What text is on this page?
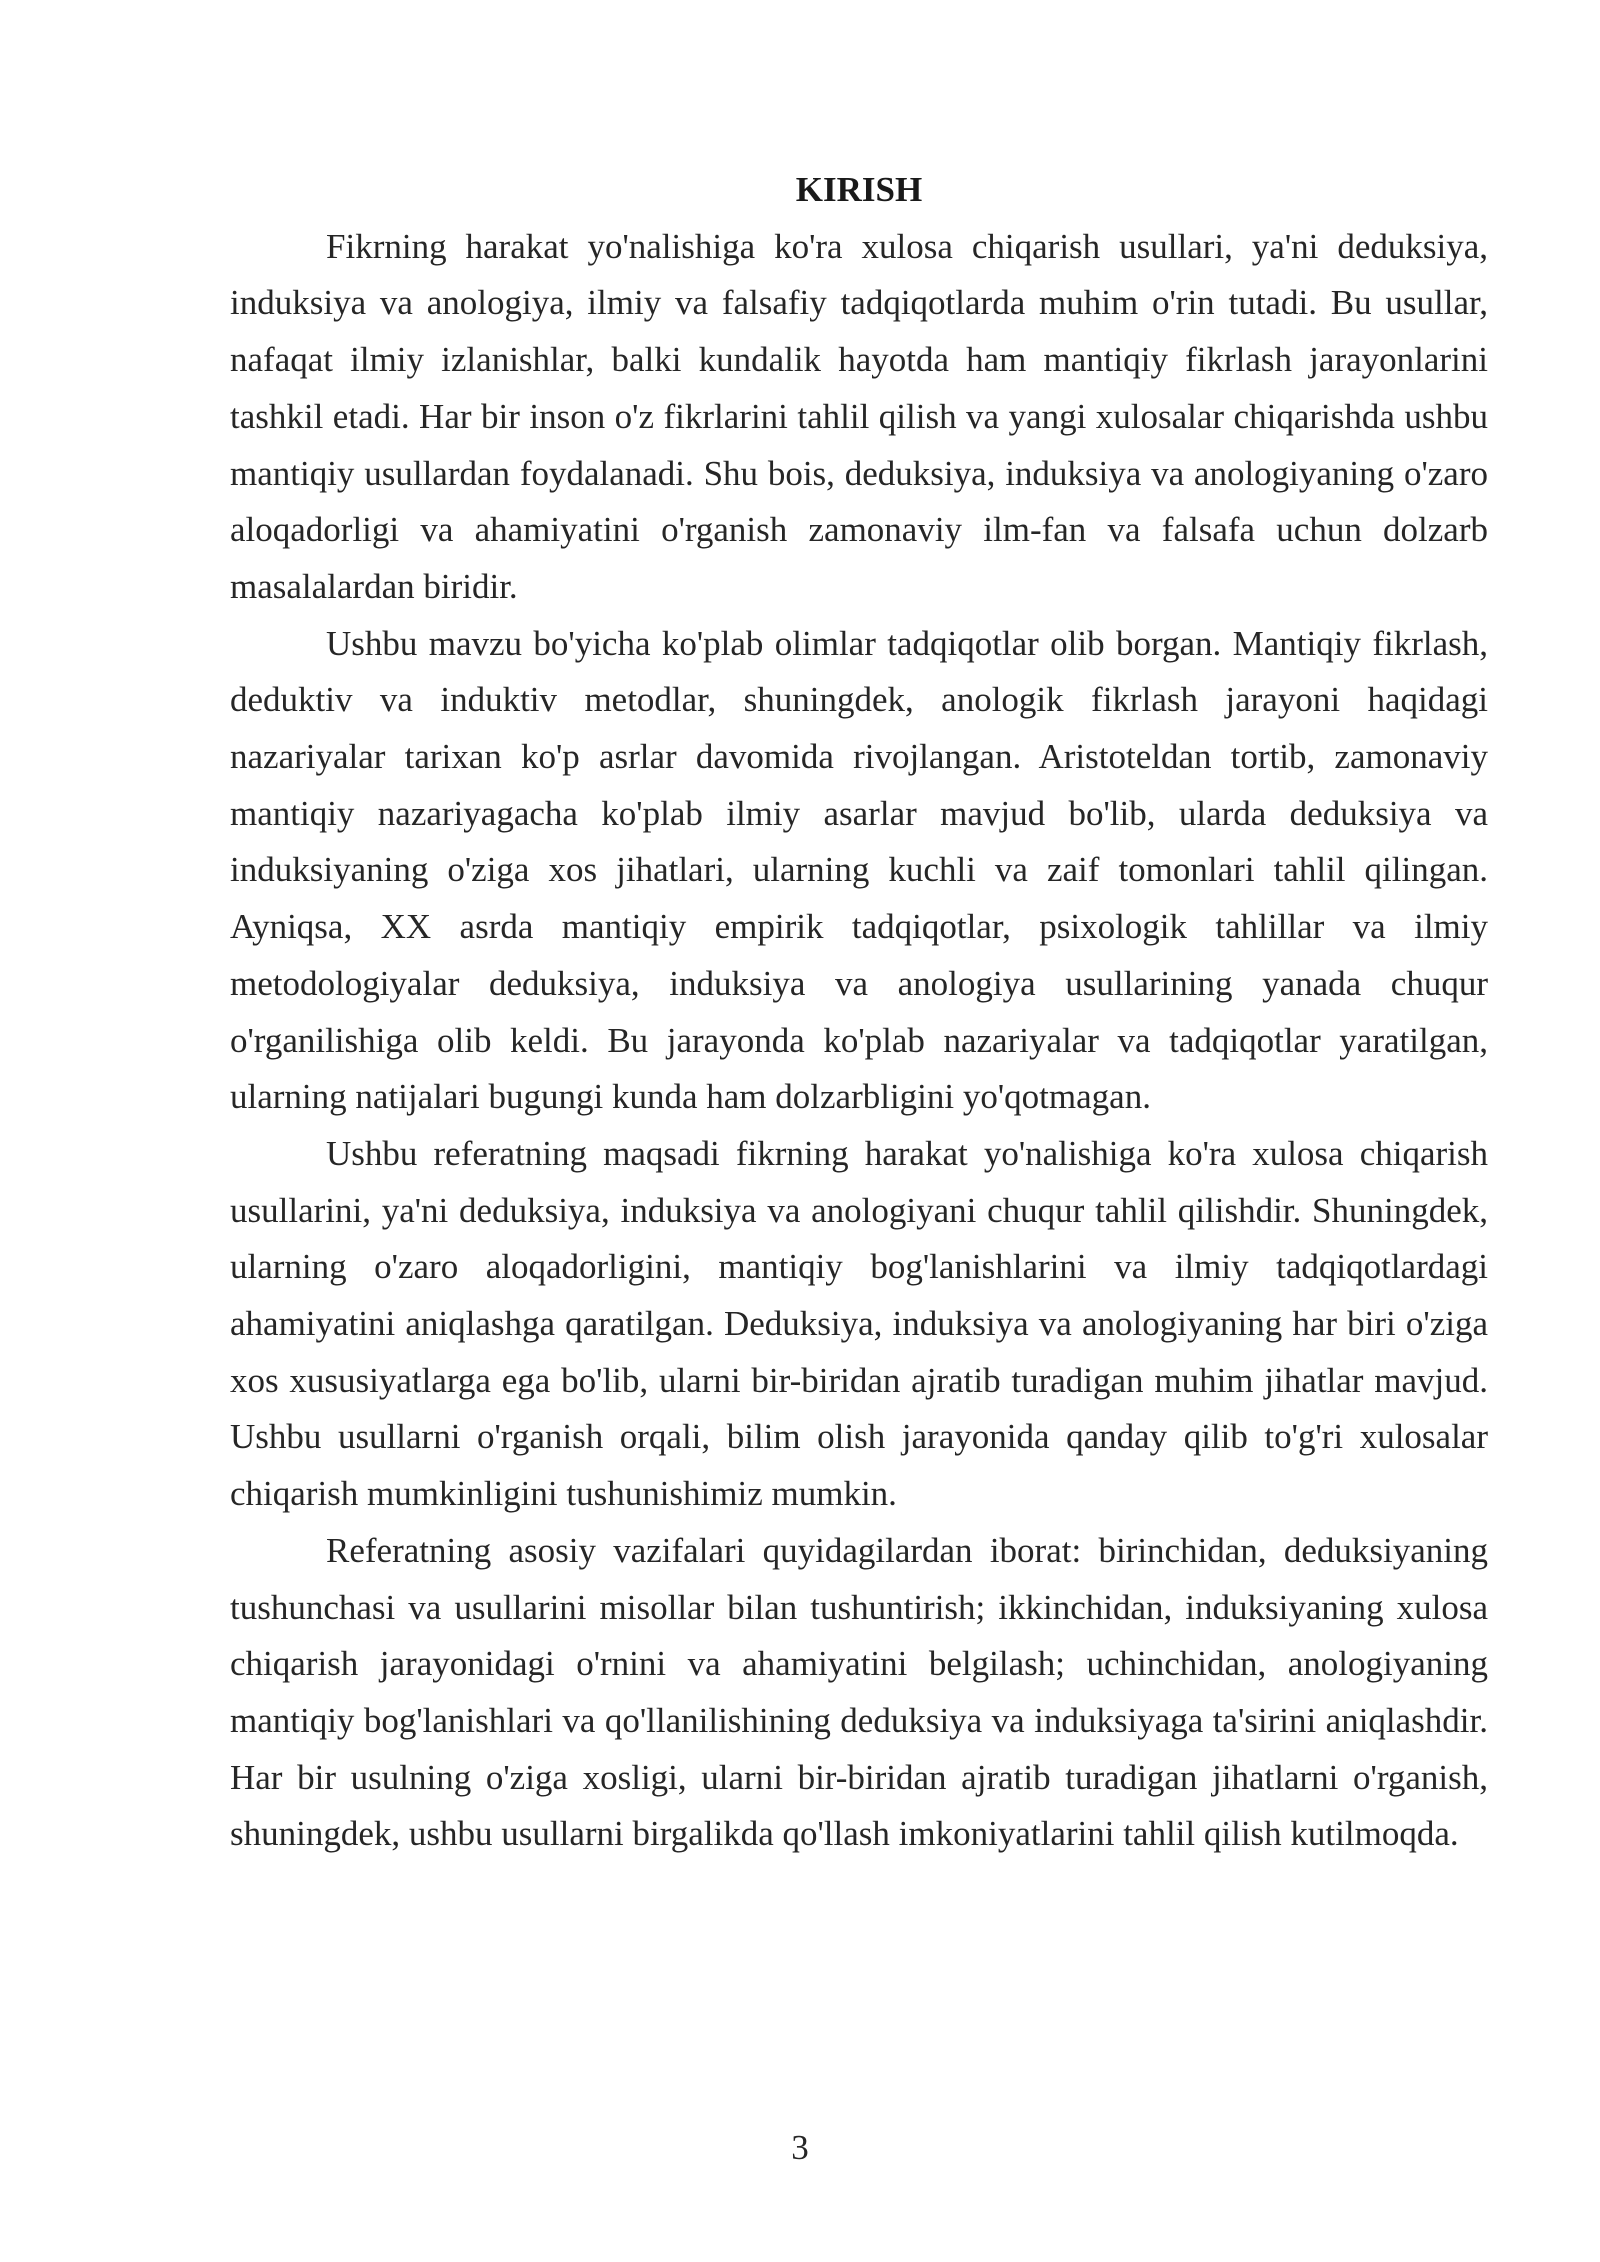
KIRISH

Fikrning harakat yo'nalishiga ko'ra xulosa chiqarish usullari, ya'ni deduksiya, induksiya va anologiya, ilmiy va falsafiy tadqiqotlarda muhim o'rin tutadi. Bu usullar, nafaqat ilmiy izlanishlar, balki kundalik hayotda ham mantiqiy fikrlash jarayonlarini tashkil etadi. Har bir inson o'z fikrlarini tahlil qilish va yangi xulosalar chiqarishda ushbu mantiqiy usullardan foydalanadi. Shu bois, deduksiya, induksiya va anologiyaning o'zaro aloqadorligi va ahamiyatini o'rganish zamonaviy ilm-fan va falsafa uchun dolzarb masalalardan biridir.

Ushbu mavzu bo'yicha ko'plab olimlar tadqiqotlar olib borgan. Mantiqiy fikrlash, deduktiv va induktiv metodlar, shuningdek, anologik fikrlash jarayoni haqidagi nazariyalar tarixan ko'p asrlar davomida rivojlangan. Aristoteldan tortib, zamonaviy mantiqiy nazariyagacha ko'plab ilmiy asarlar mavjud bo'lib, ularda deduksiya va induksiyaning o'ziga xos jihatlari, ularning kuchli va zaif tomonlari tahlil qilingan. Ayniqsa, XX asrda mantiqiy empirik tadqiqotlar, psixologik tahlillar va ilmiy metodologiyalar deduksiya, induksiya va anologiya usullarining yanada chuqur o'rganilishiga olib keldi. Bu jarayonda ko'plab nazariyalar va tadqiqotlar yaratilgan, ularning natijalari bugungi kunda ham dolzarbligini yo'qotmagan.

Ushbu referatning maqsadi fikrning harakat yo'nalishiga ko'ra xulosa chiqarish usullarini, ya'ni deduksiya, induksiya va anologiyani chuqur tahlil qilishdir. Shuningdek, ularning o'zaro aloqadorligini, mantiqiy bog'lanishlarini va ilmiy tadqiqotlardagi ahamiyatini aniqlashga qaratilgan. Deduksiya, induksiya va anologiyaning har biri o'ziga xos xususiyatlarga ega bo'lib, ularni bir-biridan ajratib turadigan muhim jihatlar mavjud. Ushbu usullarni o'rganish orqali, bilim olish jarayonida qanday qilib to'g'ri xulosalar chiqarish mumkinligini tushunishimiz mumkin.

Referatning asosiy vazifalari quyidagilardan iborat: birinchidan, deduksiyaning tushunchasi va usullarini misollar bilan tushuntirish; ikkinchidan, induksiyaning xulosa chiqarish jarayonidagi o'rnini va ahamiyatini belgilash; uchinchidan, anologiyaning mantiqiy bog'lanishlari va qo'llanilishining deduksiya va induksiyaga ta'sirini aniqlashdir. Har bir usulning o'ziga xosligi, ularni bir-biridan ajratib turadigan jihatlarni o'rganish, shuningdek, ushbu usullarni birgalikda qo'llash imkoniyatlarini tahlil qilish kutilmoqda.

3
